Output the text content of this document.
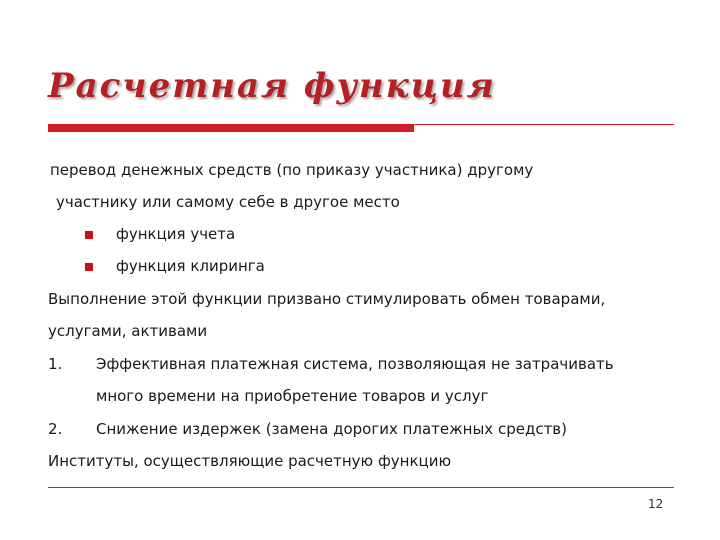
Расчетная функция
перевод денежных средств (по приказу участника) другому
участнику или самому себе в другое место
функция учета
функция клиринга
Выполнение этой функции призвано стимулировать обмен товарами,
услугами, активами
1. Эффективная платежная система, позволяющая не затрачивать
много времени на приобретение товаров и услуг
2. Снижение издержек (замена дорогих платежных средств)
Институты, осуществляющие расчетную функцию
12
